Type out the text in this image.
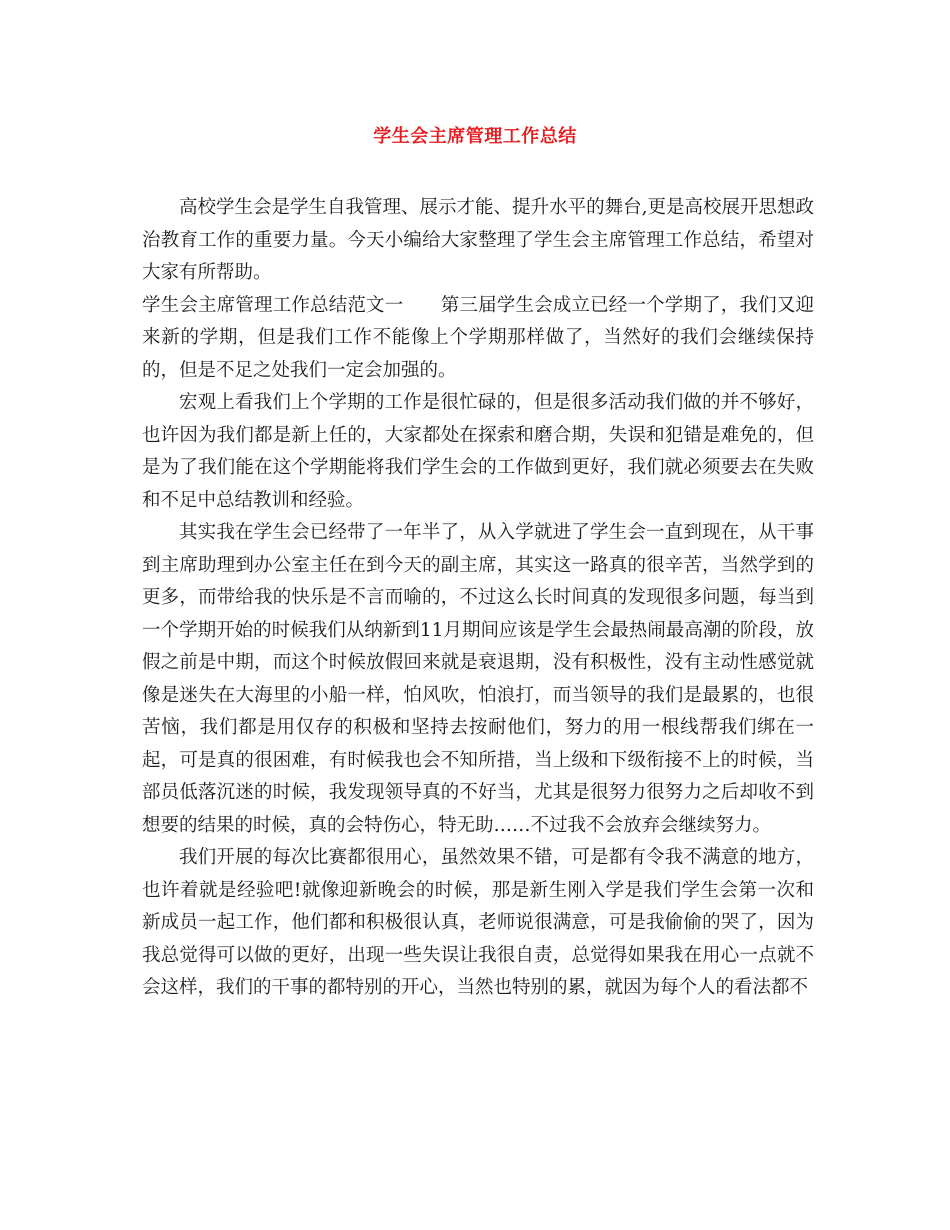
学生会主席管理工作总结

高校学生会是学生自我管理、展示才能、提升水平的舞台,更是高校展开思想政治教育工作的重要力量。今天小编给大家整理了学生会主席管理工作总结，希望对大家有所帮助。

学生会主席管理工作总结范文一　　第三届学生会成立已经一个学期了，我们又迎来新的学期，但是我们工作不能像上个学期那样做了，当然好的我们会继续保持的，但是不足之处我们一定会加强的。

宏观上看我们上个学期的工作是很忙碌的，但是很多活动我们做的并不够好，也许因为我们都是新上任的，大家都处在探索和磨合期，失误和犯错是难免的，但是为了我们能在这个学期能将我们学生会的工作做到更好，我们就必须要去在失败和不足中总结教训和经验。

其实我在学生会已经带了一年半了，从入学就进了学生会一直到现在，从干事到主席助理到办公室主任在到今天的副主席，其实这一路真的很辛苦，当然学到的更多，而带给我的快乐是不言而喻的，不过这么长时间真的发现很多问题，每当到一个学期开始的时候我们从纳新到11月期间应该是学生会最热闹最高潮的阶段，放假之前是中期，而这个时候放假回来就是衰退期，没有积极性，没有主动性感觉就像是迷失在大海里的小船一样，怕风吹，怕浪打，而当领导的我们是最累的，也很苦恼，我们都是用仅存的积极和坚持去按耐他们，努力的用一根线帮我们绑在一起，可是真的很困难，有时候我也会不知所措，当上级和下级衔接不上的时候，当部员低落沉迷的时候，我发现领导真的不好当，尤其是很努力很努力之后却收不到想要的结果的时候，真的会特伤心，特无助……不过我不会放弃会继续努力。

我们开展的每次比赛都很用心，虽然效果不错，可是都有令我不满意的地方，也许着就是经验吧!就像迎新晚会的时候，那是新生刚入学是我们学生会第一次和新成员一起工作，他们都和积极很认真，老师说很满意，可是我偷偷的哭了，因为我总觉得可以做的更好，出现一些失误让我很自责，总觉得如果我在用心一点就不会这样，我们的干事的都特别的开心，当然也特别的累，就因为每个人的看法都不
